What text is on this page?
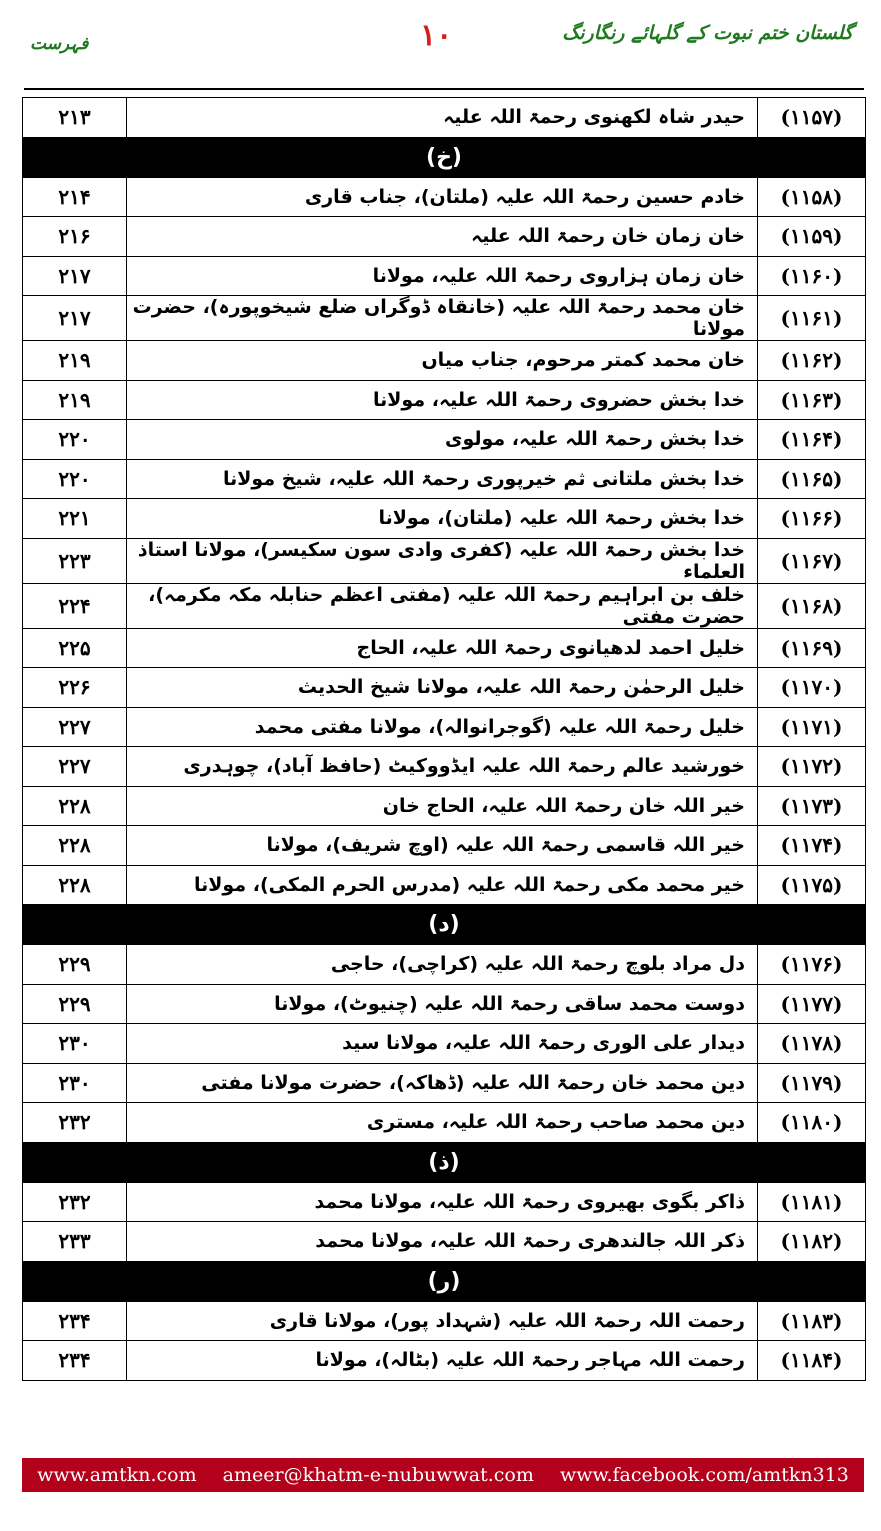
گلستان ختم نبوت کے گلہائے رنگارنگ
۱۰
فہرست
۲۱۳	حیدر شاہ لکھنوی رحمۃ اللہ علیہ	(۱۱۵۷)
(خ)		
۲۱۴	خادم حسین رحمۃ اللہ علیہ (ملتان)، جناب قاری	(۱۱۵۸)
۲۱۶	خان زمان خان رحمۃ اللہ علیہ	(۱۱۵۹)
۲۱۷	خان زمان ہزاروی رحمۃ اللہ علیہ، مولانا	(۱۱۶۰)
۲۱۷	خان محمد رحمۃ اللہ علیہ (خانقاہ ڈوگراں ضلع شیخوپورہ)، حضرت مولانا	(۱۱۶۱)
۲۱۹	خان محمد کمتر مرحوم، جناب میاں	(۱۱۶۲)
۲۱۹	خدا بخش حضروی رحمۃ اللہ علیہ، مولانا	(۱۱۶۳)
۲۲۰	خدا بخش رحمۃ اللہ علیہ، مولوی	(۱۱۶۴)
۲۲۰	خدا بخش ملتانی ثم خیرپوری رحمۃ اللہ علیہ، شیخ مولانا	(۱۱۶۵)
۲۲۱	خدا بخش رحمۃ اللہ علیہ (ملتان)، مولانا	(۱۱۶۶)
۲۲۳	خدا بخش رحمۃ اللہ علیہ (کفری وادی سون سکیسر)، مولانا استاذ العلماء	(۱۱۶۷)
۲۲۴	خلف بن ابراہیم رحمۃ اللہ علیہ (مفتی اعظم حنابلہ مکہ مکرمہ)، حضرت مفتی	(۱۱۶۸)
۲۲۵	خلیل احمد لدھیانوی رحمۃ اللہ علیہ، الحاج	(۱۱۶۹)
۲۲۶	خلیل الرحمٰن رحمۃ اللہ علیہ، مولانا شیخ الحدیث	(۱۱۷۰)
۲۲۷	خلیل رحمۃ اللہ علیہ (گوجرانوالہ)، مولانا مفتی محمد	(۱۱۷۱)
۲۲۷	خورشید عالم رحمۃ اللہ علیہ ایڈووکیٹ (حافظ آباد)، چوہدری	(۱۱۷۲)
۲۲۸	خیر اللہ خان رحمۃ اللہ علیہ، الحاج خان	(۱۱۷۳)
۲۲۸	خیر اللہ قاسمی رحمۃ اللہ علیہ (اوچ شریف)، مولانا	(۱۱۷۴)
۲۲۸	خیر محمد مکی رحمۃ اللہ علیہ (مدرس الحرم المکی)، مولانا	(۱۱۷۵)
(د)		
۲۲۹	دل مراد بلوچ رحمۃ اللہ علیہ (کراچی)، حاجی	(۱۱۷۶)
۲۲۹	دوست محمد ساقی رحمۃ اللہ علیہ (چنیوٹ)، مولانا	(۱۱۷۷)
۲۳۰	دیدار علی الوری رحمۃ اللہ علیہ، مولانا سید	(۱۱۷۸)
۲۳۰	دین محمد خان رحمۃ اللہ علیہ (ڈھاکہ)، حضرت مولانا مفتی	(۱۱۷۹)
۲۳۲	دین محمد صاحب رحمۃ اللہ علیہ، مستری	(۱۱۸۰)
(ذ)		
۲۳۲	ذاکر بگوی بھیروی رحمۃ اللہ علیہ، مولانا محمد	(۱۱۸۱)
۲۳۳	ذکر اللہ جالندھری رحمۃ اللہ علیہ، مولانا محمد	(۱۱۸۲)
(ر)		
۲۳۴	رحمت اللہ رحمۃ اللہ علیہ (شہداد پور)، مولانا قاری	(۱۱۸۳)
۲۳۴	رحمت اللہ مہاجر رحمۃ اللہ علیہ (بٹالہ)، مولانا	(۱۱۸۴)
www.amtkn.com ameer@khatm-e-nubuwwat.com www.facebook.com/amtkn313
